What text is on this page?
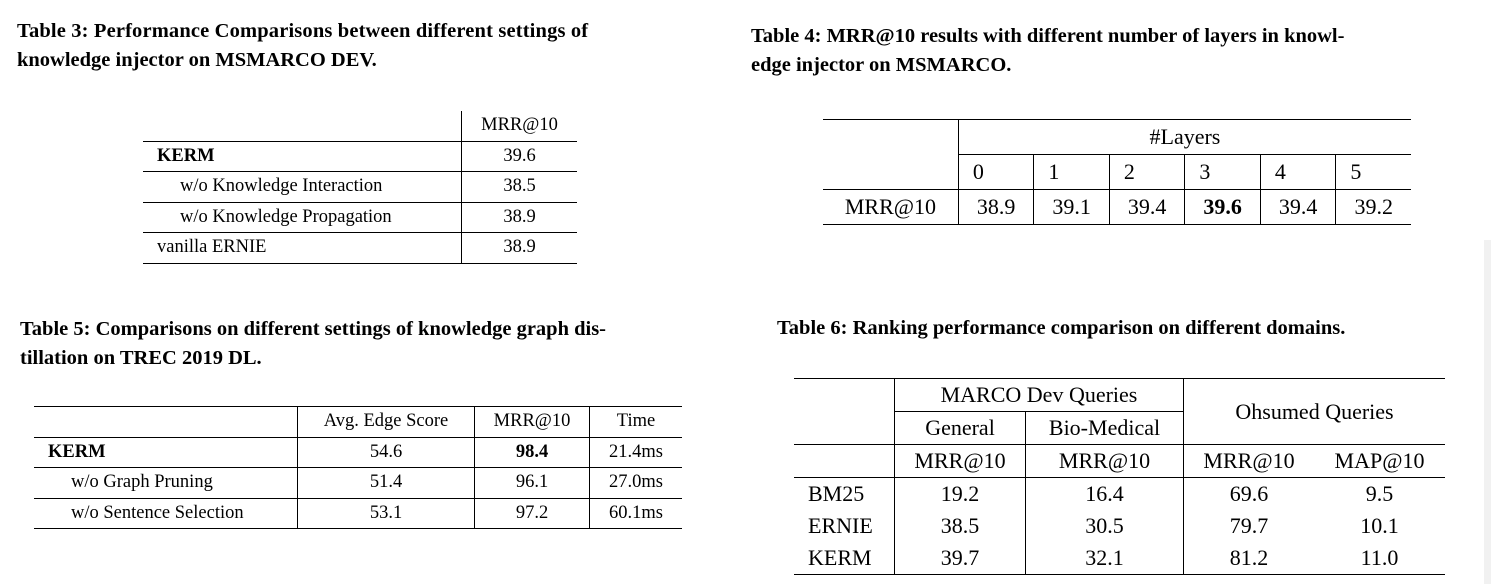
Table 3: Performance Comparisons between different settings of
knowledge injector on MSMARCO DEV.
	MRR@10
KERM	39.6
w/o Knowledge Interaction	38.5
w/o Knowledge Propagation	38.9
vanilla ERNIE	38.9
Table 4: MRR@10 results with different number of layers in knowl-
edge injector on MSMARCO.
	#Layers					
	0	1	2	3	4	5
MRR@10	38.9	39.1	39.4	39.6	39.4	39.2
Table 5: Comparisons on different settings of knowledge graph dis-
tillation on TREC 2019 DL.
	Avg. Edge Score	MRR@10	Time
KERM	54.6	98.4	21.4ms
w/o Graph Pruning	51.4	96.1	27.0ms
w/o Sentence Selection	53.1	97.2	60.1ms
Table 6: Ranking performance comparison on different domains.
	MARCO Dev Queries		Ohsumed Queries	
	General	Bio-Medical		
	MRR@10	MRR@10	MRR@10	MAP@10
BM25	19.2	16.4	69.6	9.5
ERNIE	38.5	30.5	79.7	10.1
KERM	39.7	32.1	81.2	11.0
